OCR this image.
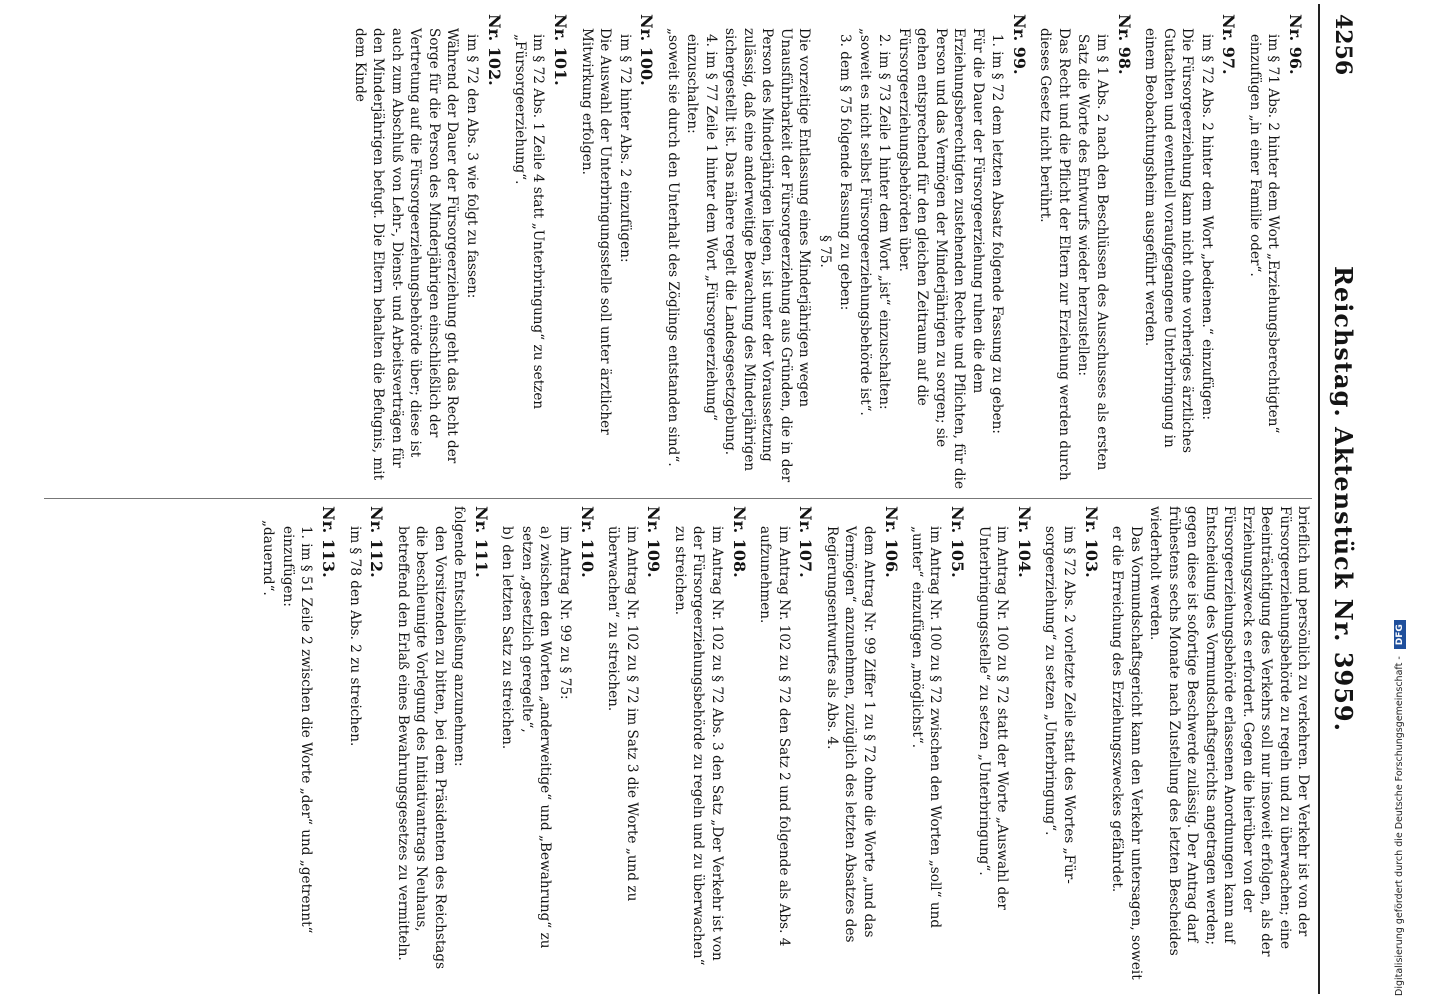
4256
Reichstag. Aktenstück Nr. 3959.
Nr. 96.
im § 71 Abs. 2 hinter dem Wort „Erziehungsberechtigten“ einzufügen „in einer Familie oder“.
Nr. 97.
im § 72 Abs. 2 hinter dem Wort „bedienen.“ einzufügen:
Die Fürsorgeerziehung kann nicht ohne vorheriges ärztliches Gutachten und eventuell voraufgegangene Unterbringung in einem Beobachtungsheim ausgeführt werden.
Nr. 98.
im § 1 Abs. 2 nach den Beschlüssen des Ausschusses als ersten Satz die Worte des Entwurfs wieder herzustellen:
Das Recht und die Pflicht der Eltern zur Erziehung werden durch dieses Gesetz nicht berührt.
Nr. 99.
1. im § 72 dem letzten Absatz folgende Fassung zu geben:
Für die Dauer der Fürsorgeerziehung ruhen die dem Erziehungsberechtigten zustehenden Rechte und Pflichten, für die Person und das Vermögen der Minderjährigen zu sorgen; sie gehen entsprechend für den gleichen Zeitraum auf die Fürsorgeerziehungsbehörden über.
2. im § 73 Zeile 1 hinter dem Wort „ist“ einzuschalten:
„soweit es nicht selbst Fürsorgeerziehungsbehörde ist“.
3. dem § 75 folgende Fassung zu geben:
§ 75.
Die vorzeitige Entlassung eines Minderjährigen wegen Unausführbarkeit der Fürsorgeerziehung aus Gründen, die in der Person des Minderjährigen liegen, ist unter der Voraussetzung zulässig, daß eine anderweitige Bewachung des Minderjährigen sichergestellt ist. Das nähere regelt die Landesgesetzgebung.
4. im § 77 Zeile 1 hinter dem Wort „Fürsorgeerziehung“ einzuschalten:
„soweit sie durch den Unterhalt des Zöglings entstanden sind“.
Nr. 100.
im § 72 hinter Abs. 2 einzufügen:
Die Auswahl der Unterbringungsstelle soll unter ärztlicher Mitwirkung erfolgen.
Nr. 101.
im § 72 Abs. 1 Zeile 4 statt „Unterbringung“ zu setzen „Fürsorgeerziehung“.
Nr. 102.
im § 72 den Abs. 3 wie folgt zu fassen:
Während der Dauer der Fürsorgeerziehung geht das Recht der Sorge für die Person des Minderjährigen einschließlich der Vertretung auf die Fürsorgeerziehungsbehörde über; diese ist auch zum Abschluß von Lehr-, Dienst- und Arbeitsverträgen für den Minderjährigen befugt. Die Eltern behalten die Befugnis, mit dem Kinde
brieflich und persönlich zu verkehren. Der Verkehr ist von der Fürsorgeerziehungsbehörde zu regeln und zu überwachen; eine Beeinträchtigung des Verkehrs soll nur insoweit erfolgen, als der Erziehungszweck es erfordert. Gegen die hierüber von der Fürsorgeerziehungsbehörde erlassenen Anordnungen kann auf Entscheidung des Vormundschaftsgerichts angetragen werden; gegen diese ist sofortige Beschwerde zulässig. Der Antrag darf frühestens sechs Monate nach Zustellung des letzten Bescheides wiederholt werden.
Das Vormundschaftsgericht kann den Verkehr untersagen, soweit er die Erreichung des Erziehungszweckes gefährdet.
Nr. 103.
im § 72 Abs. 2 vorletzte Zeile statt des Wortes „Fürsorgeerziehung“ zu setzen „Unterbringung“.
Nr. 104.
im Antrag Nr. 100 zu § 72 statt der Worte „Auswahl der Unterbringungsstelle“ zu setzen „Unterbringung“.
Nr. 105.
im Antrag Nr. 100 zu § 72 zwischen den Worten „soll“ und „unter“ einzufügen „möglichst“.
Nr. 106.
dem Antrag Nr. 99 Ziffer 1 zu § 72 ohne die Worte „und das Vermögen“ anzunehmen, zuzüglich des letzten Absatzes des Regierungsentwurfes als Abs. 4.
Nr. 107.
im Antrag Nr. 102 zu § 72 den Satz 2 und folgende als Abs. 4 aufzunehmen.
Nr. 108.
im Antrag Nr. 102 zu § 72 Abs. 3 den Satz „Der Verkehr ist von der Fürsorgeerziehungsbehörde zu regeln und zu überwachen“ zu streichen.
Nr. 109.
im Antrag Nr. 102 zu § 72 im Satz 3 die Worte „und zu überwachen“ zu streichen.
Nr. 110.
im Antrag Nr. 99 zu § 75:
a) zwischen den Worten „anderweitige“ und „Bewahrung“ zu setzen „gesetzlich geregelte“,
b) den letzten Satz zu streichen.
Nr. 111.
folgende Entschließung anzunehmen:
den Vorsitzenden zu bitten, bei dem Präsidenten des Reichstags die beschleunigte Vorlegung des Initiativantrags Neuhaus, betreffend den Erlaß eines Bewahrungsgesetzes zu vermitteln.
Nr. 112.
im § 78 den Abs. 2 zu streichen.
Nr. 113.
1. im § 51 Zeile 2 zwischen die Worte „der“ und „getrennt“ einzufügen:
„dauernd“.
Digitalisierung gefördert durch die Deutsche Forschungsgemeinschaft - DFG
